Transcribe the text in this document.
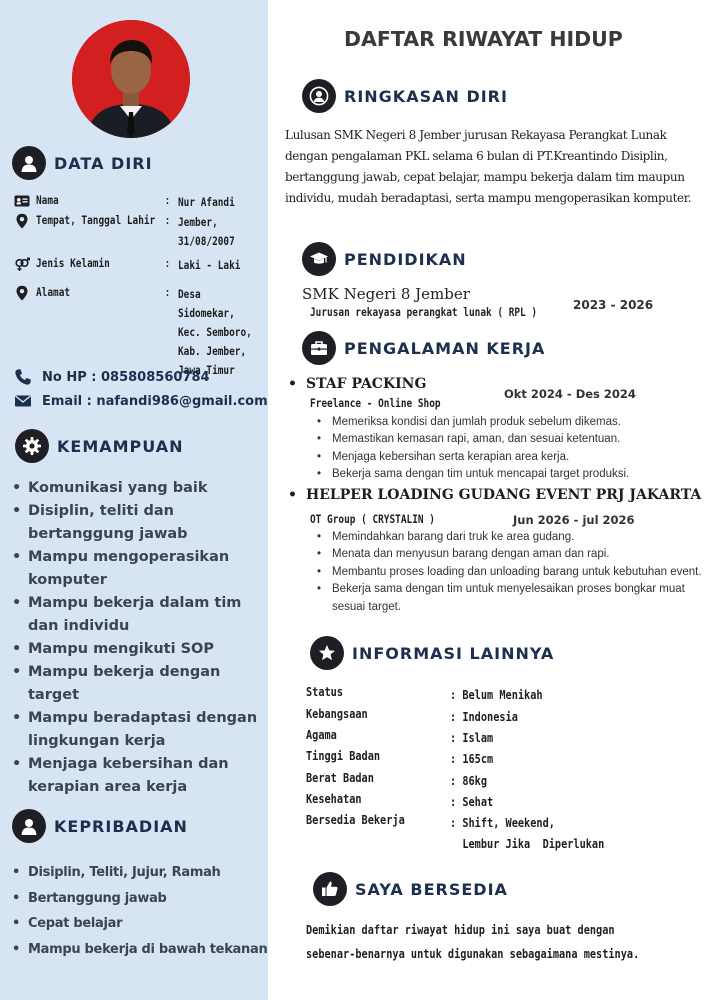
DATA DIRI
Nama	: Nur Afandi
Tempat, Tanggal Lahir : Jember,
31/08/2007
Jenis Kelamin	: Laki - Laki
Alamat	: Desa Sidomekar,
Kec. Semboro,
Kab. Jember,
Jawa Timur
No HP : 085808560784
Email : nafandi986@gmail.com
KEMAMPUAN
• Komunikasi yang baik
• Disiplin, teliti dan bertanggung jawab
• Mampu mengoperasikan komputer
• Mampu bekerja dalam tim dan individu
• Mampu mengikuti SOP
• Mampu bekerja dengan target
• Mampu beradaptasi dengan lingkungan kerja
• Menjaga kebersihan dan kerapian area kerja
KEPRIBADIAN
• Disiplin, Teliti, Jujur, Ramah
• Bertanggung jawab
• Cepat belajar
• Mampu bekerja di bawah tekanan
DAFTAR RIWAYAT HIDUP
RINGKASAN DIRI

Lulusan SMK Negeri 8 Jember jurusan Rekayasa Perangkat Lunak dengan pengalaman PKL selama 6 bulan di PT.Kreantindo Disiplin, bertanggung jawab, cepat belajar, mampu bekerja dalam tim maupun individu, mudah beradaptasi, serta mampu mengoperasikan komputer.

PENDIDIKAN
SMK Negeri 8 Jember
Jurusan rekayasa perangkat lunak ( RPL )	2023 - 2026
PENGALAMAN KERJA
• STAF PACKING
Freelance - Online Shop
Okt 2024 - Des 2024
• Memeriksa kondisi dan jumlah produk sebelum dikemas.
• Memastikan kemasan rapi, aman, dan sesuai ketentuan.
• Menjaga kebersihan serta kerapian area kerja.
• Bekerja sama dengan tim untuk mencapai target produksi.
• HELPER LOADING GUDANG EVENT PRJ JAKARTA
OT Group ( CRYSTALIN )	Jun 2026 - jul 2026
• Memindahkan barang dari truk ke area gudang.
• Menata dan menyusun barang dengan aman dan rapi.
• Membantu proses loading dan unloading barang untuk kebutuhan event.
• Bekerja sama dengan tim untuk menyelesaikan proses bongkar muat sesuai target.
INFORMASI LAINNYA
Status	: Belum Menikah
Kebangsaan	: Indonesia
Agama	: Islam
Tinggi Badan	: 165cm
Berat Badan	: 86kg
Kesehatan	: Sehat
Bersedia Bekerja	: Shift, Weekend,
Lembur Jika  Diperlukan
SAYA BERSEDIA
Demikian daftar riwayat hidup ini saya buat dengan
sebenar-benarnya untuk digunakan sebagaimana mestinya.
